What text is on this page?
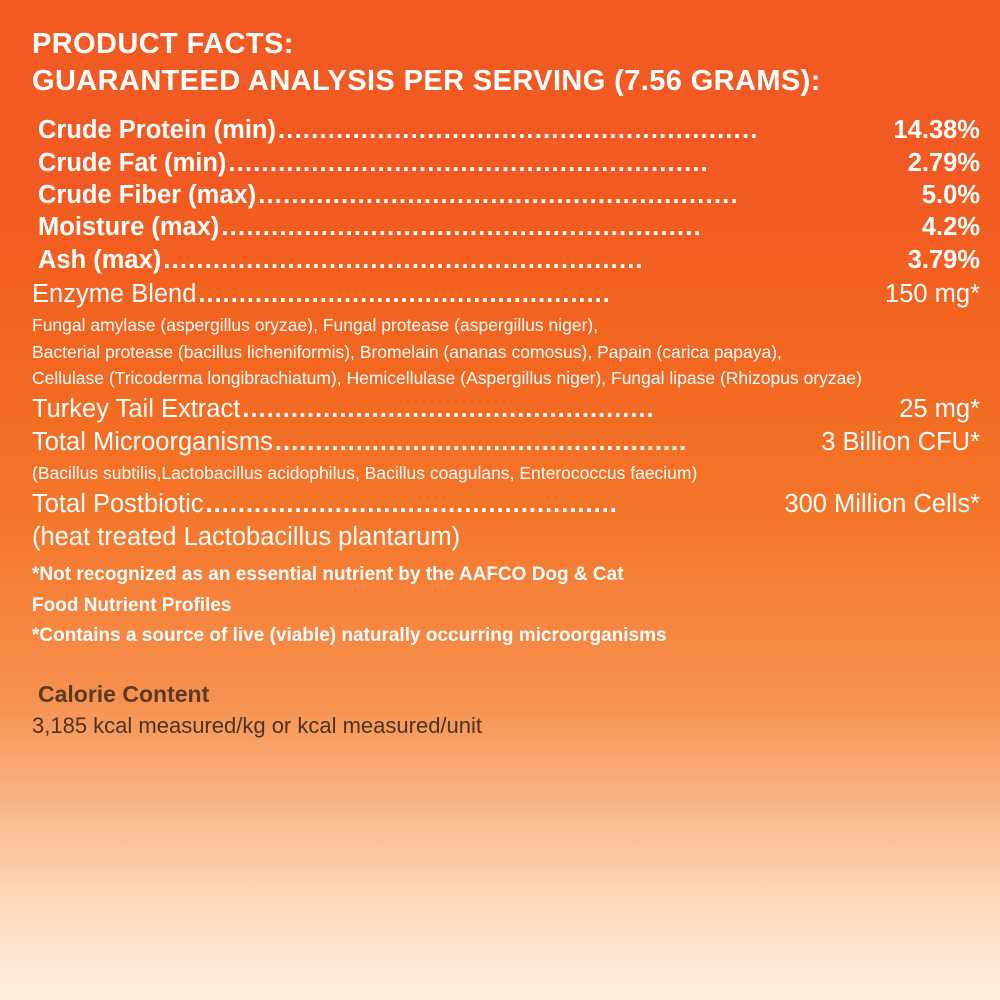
PRODUCT FACTS:
GUARANTEED ANALYSIS PER SERVING (7.56 GRAMS):
Crude Protein (min) ..........................................................	14.38%
Crude Fat (min) ..........................................................	2.79%
Crude Fiber (max) ..........................................................	5.0%
Moisture (max) ..........................................................	4.2%
Ash (max) ..........................................................	3.79%
Enzyme Blend ...................................................	150 mg*
Fungal amylase (aspergillus oryzae), Fungal protease (aspergillus niger),
Bacterial protease (bacillus licheniformis), Bromelain (ananas comosus), Papain (carica papaya),
Cellulase (Tricoderma longibrachiatum), Hemicellulase (Aspergillus niger), Fungal lipase (Rhizopus oryzae)
Turkey Tail Extract ...................................................	25 mg*
Total Microorganisms ...................................................	3 Billion CFU*
(Bacillus subtilis,Lactobacillus acidophilus, Bacillus coagulans, Enterococcus faecium)
Total Postbiotic ...................................................	300 Million Cells*
(heat treated Lactobacillus plantarum)
*Not recognized as an essential nutrient by the AAFCO Dog & Cat
Food Nutrient Profiles
*Contains a source of live (viable) naturally occurring microorganisms
Calorie Content
3,185 kcal measured/kg or kcal measured/unit
